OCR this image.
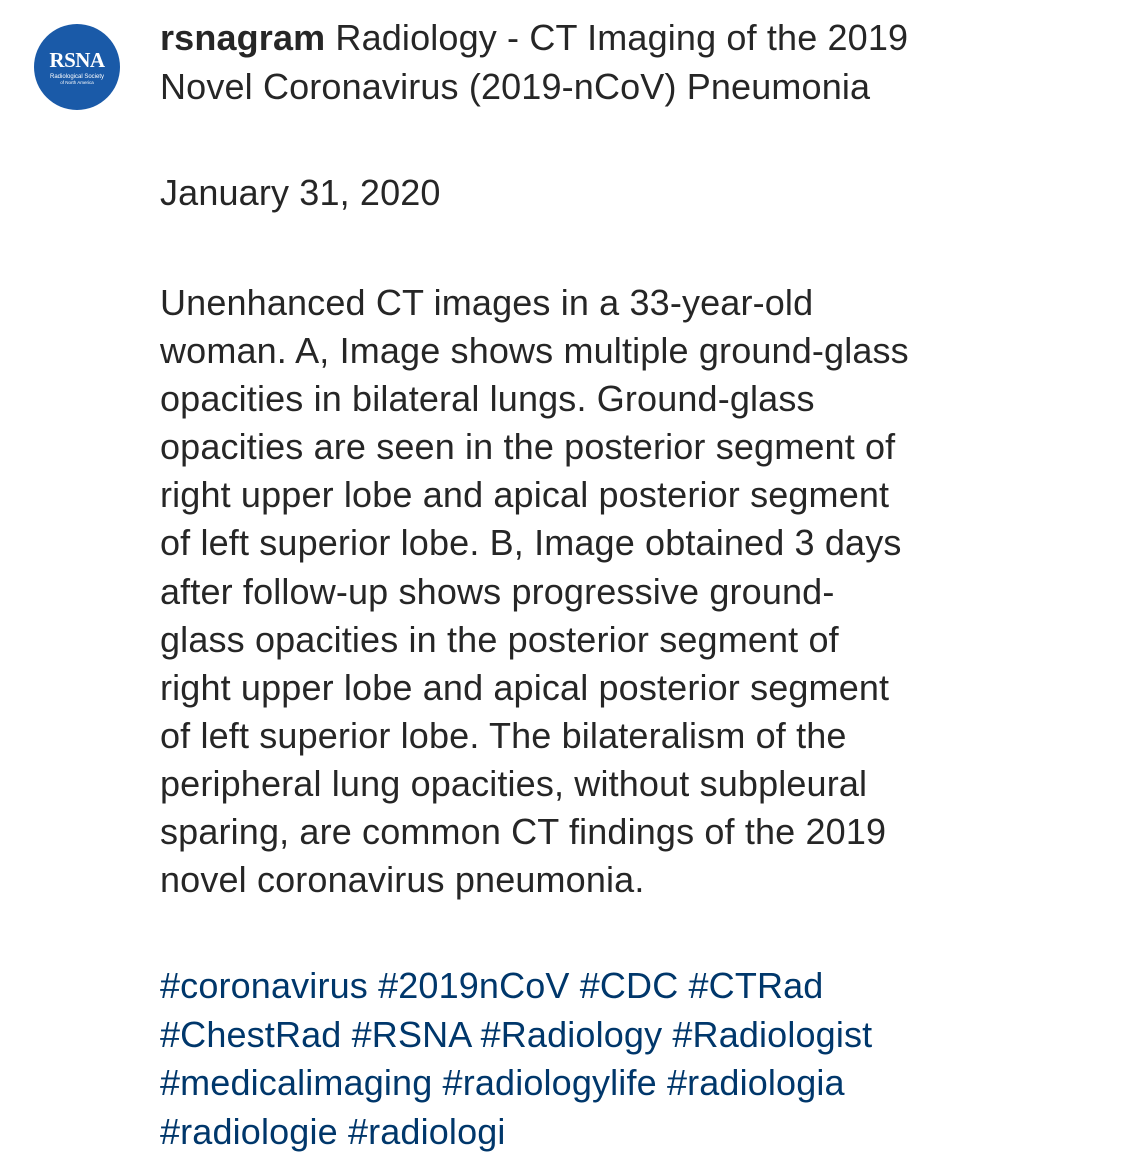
RSNA
Radiological Society
of North America

rsnagram Radiology - CT Imaging of the 2019

Novel Coronavirus (2019-nCoV) Pneumonia

January 31, 2020
Unenhanced CT images in a 33-year-old
woman. A, Image shows multiple ground-glass
opacities in bilateral lungs. Ground-glass
opacities are seen in the posterior segment of
right upper lobe and apical posterior segment
of left superior lobe. B, Image obtained 3 days
after follow-up shows progressive ground-
glass opacities in the posterior segment of
right upper lobe and apical posterior segment
of left superior lobe. The bilateralism of the
peripheral lung opacities, without subpleural
sparing, are common CT findings of the 2019
novel coronavirus pneumonia.
#coronavirus #2019nCoV #CDC #CTRad
#ChestRad #RSNA #Radiology #Radiologist
#medicalimaging #radiologylife #radiologia
#radiologie #radiologi
